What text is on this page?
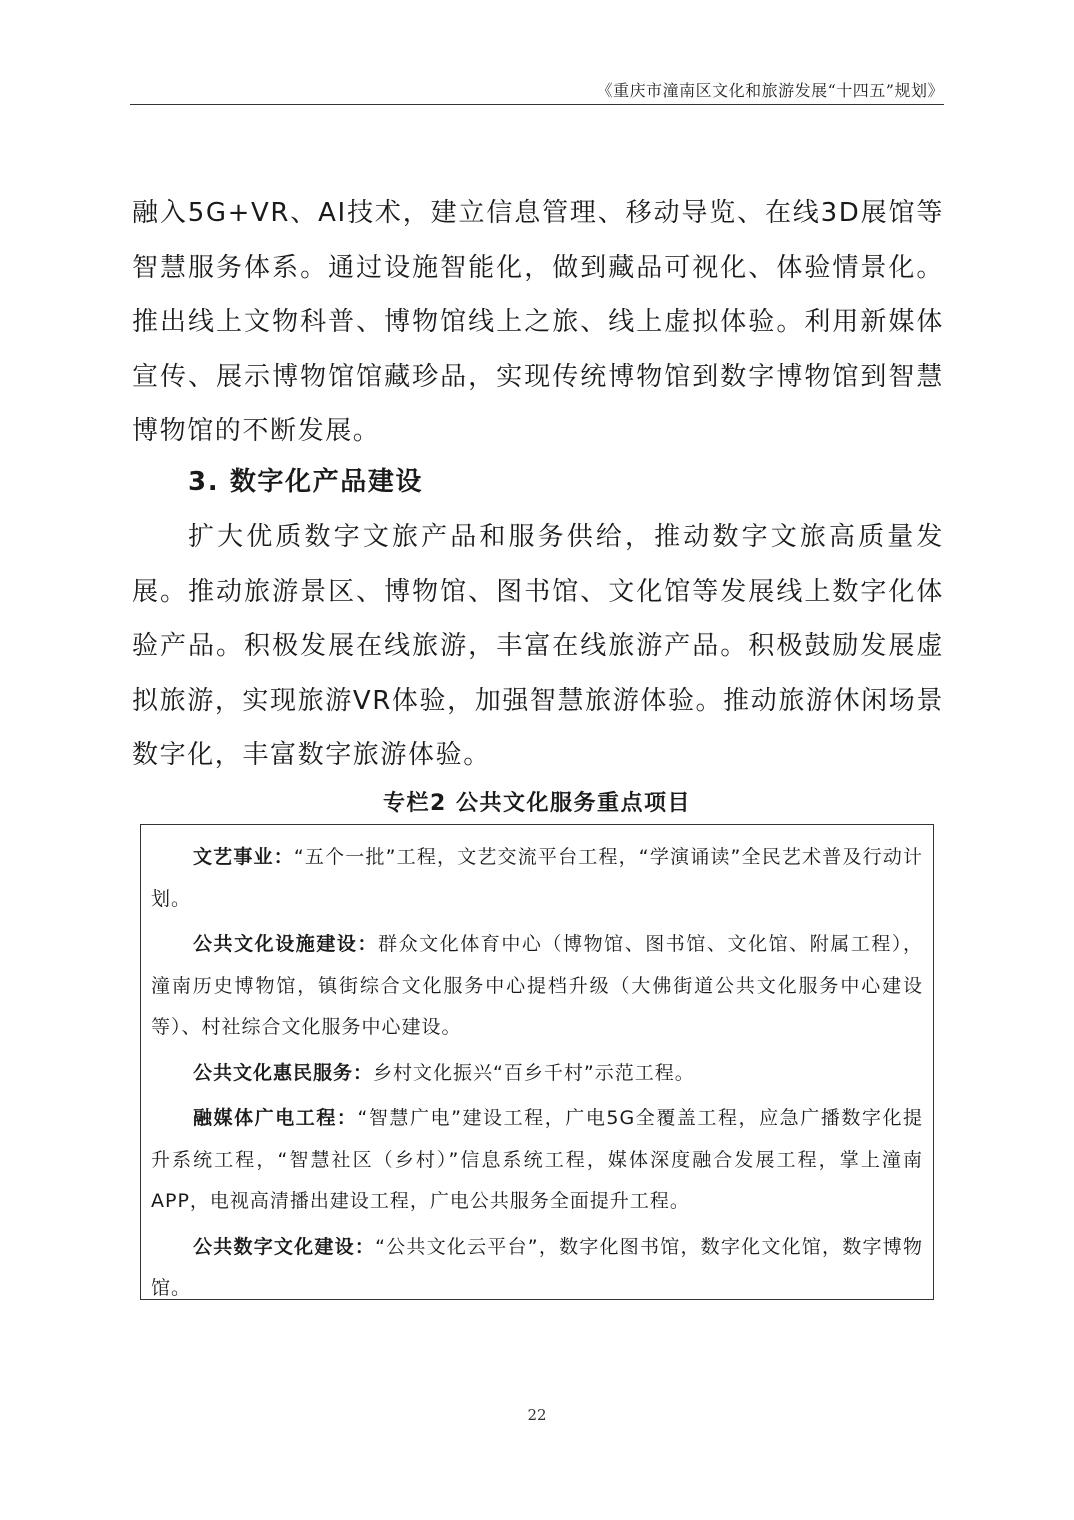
《重庆市潼南区文化和旅游发展“十四五”规划》

融入5G+VR、AI技术，建立信息管理、移动导览、在线3D展馆等智慧服务体系。通过设施智能化，做到藏品可视化、体验情景化。推出线上文物科普、博物馆线上之旅、线上虚拟体验。利用新媒体宣传、展示博物馆馆藏珍品，实现传统博物馆到数字博物馆到智慧博物馆的不断发展。

3. 数字化产品建设

扩大优质数字文旅产品和服务供给，推动数字文旅高质量发展。推动旅游景区、博物馆、图书馆、文化馆等发展线上数字化体验产品。积极发展在线旅游，丰富在线旅游产品。积极鼓励发展虚拟旅游，实现旅游VR体验，加强智慧旅游体验。推动旅游休闲场景数字化，丰富数字旅游体验。

专栏2 公共文化服务重点项目

文艺事业：“五个一批”工程，文艺交流平台工程，“学演诵读”全民艺术普及行动计划。

公共文化设施建设：群众文化体育中心（博物馆、图书馆、文化馆、附属工程），潼南历史博物馆，镇街综合文化服务中心提档升级（大佛街道公共文化服务中心建设等）、村社综合文化服务中心建设。

公共文化惠民服务：乡村文化振兴“百乡千村”示范工程。

融媒体广电工程：“智慧广电”建设工程，广电5G全覆盖工程，应急广播数字化提升系统工程，“智慧社区（乡村）”信息系统工程，媒体深度融合发展工程，掌上潼南APP，电视高清播出建设工程，广电公共服务全面提升工程。

公共数字文化建设：“公共文化云平台”，数字化图书馆，数字化文化馆，数字博物馆。

22
